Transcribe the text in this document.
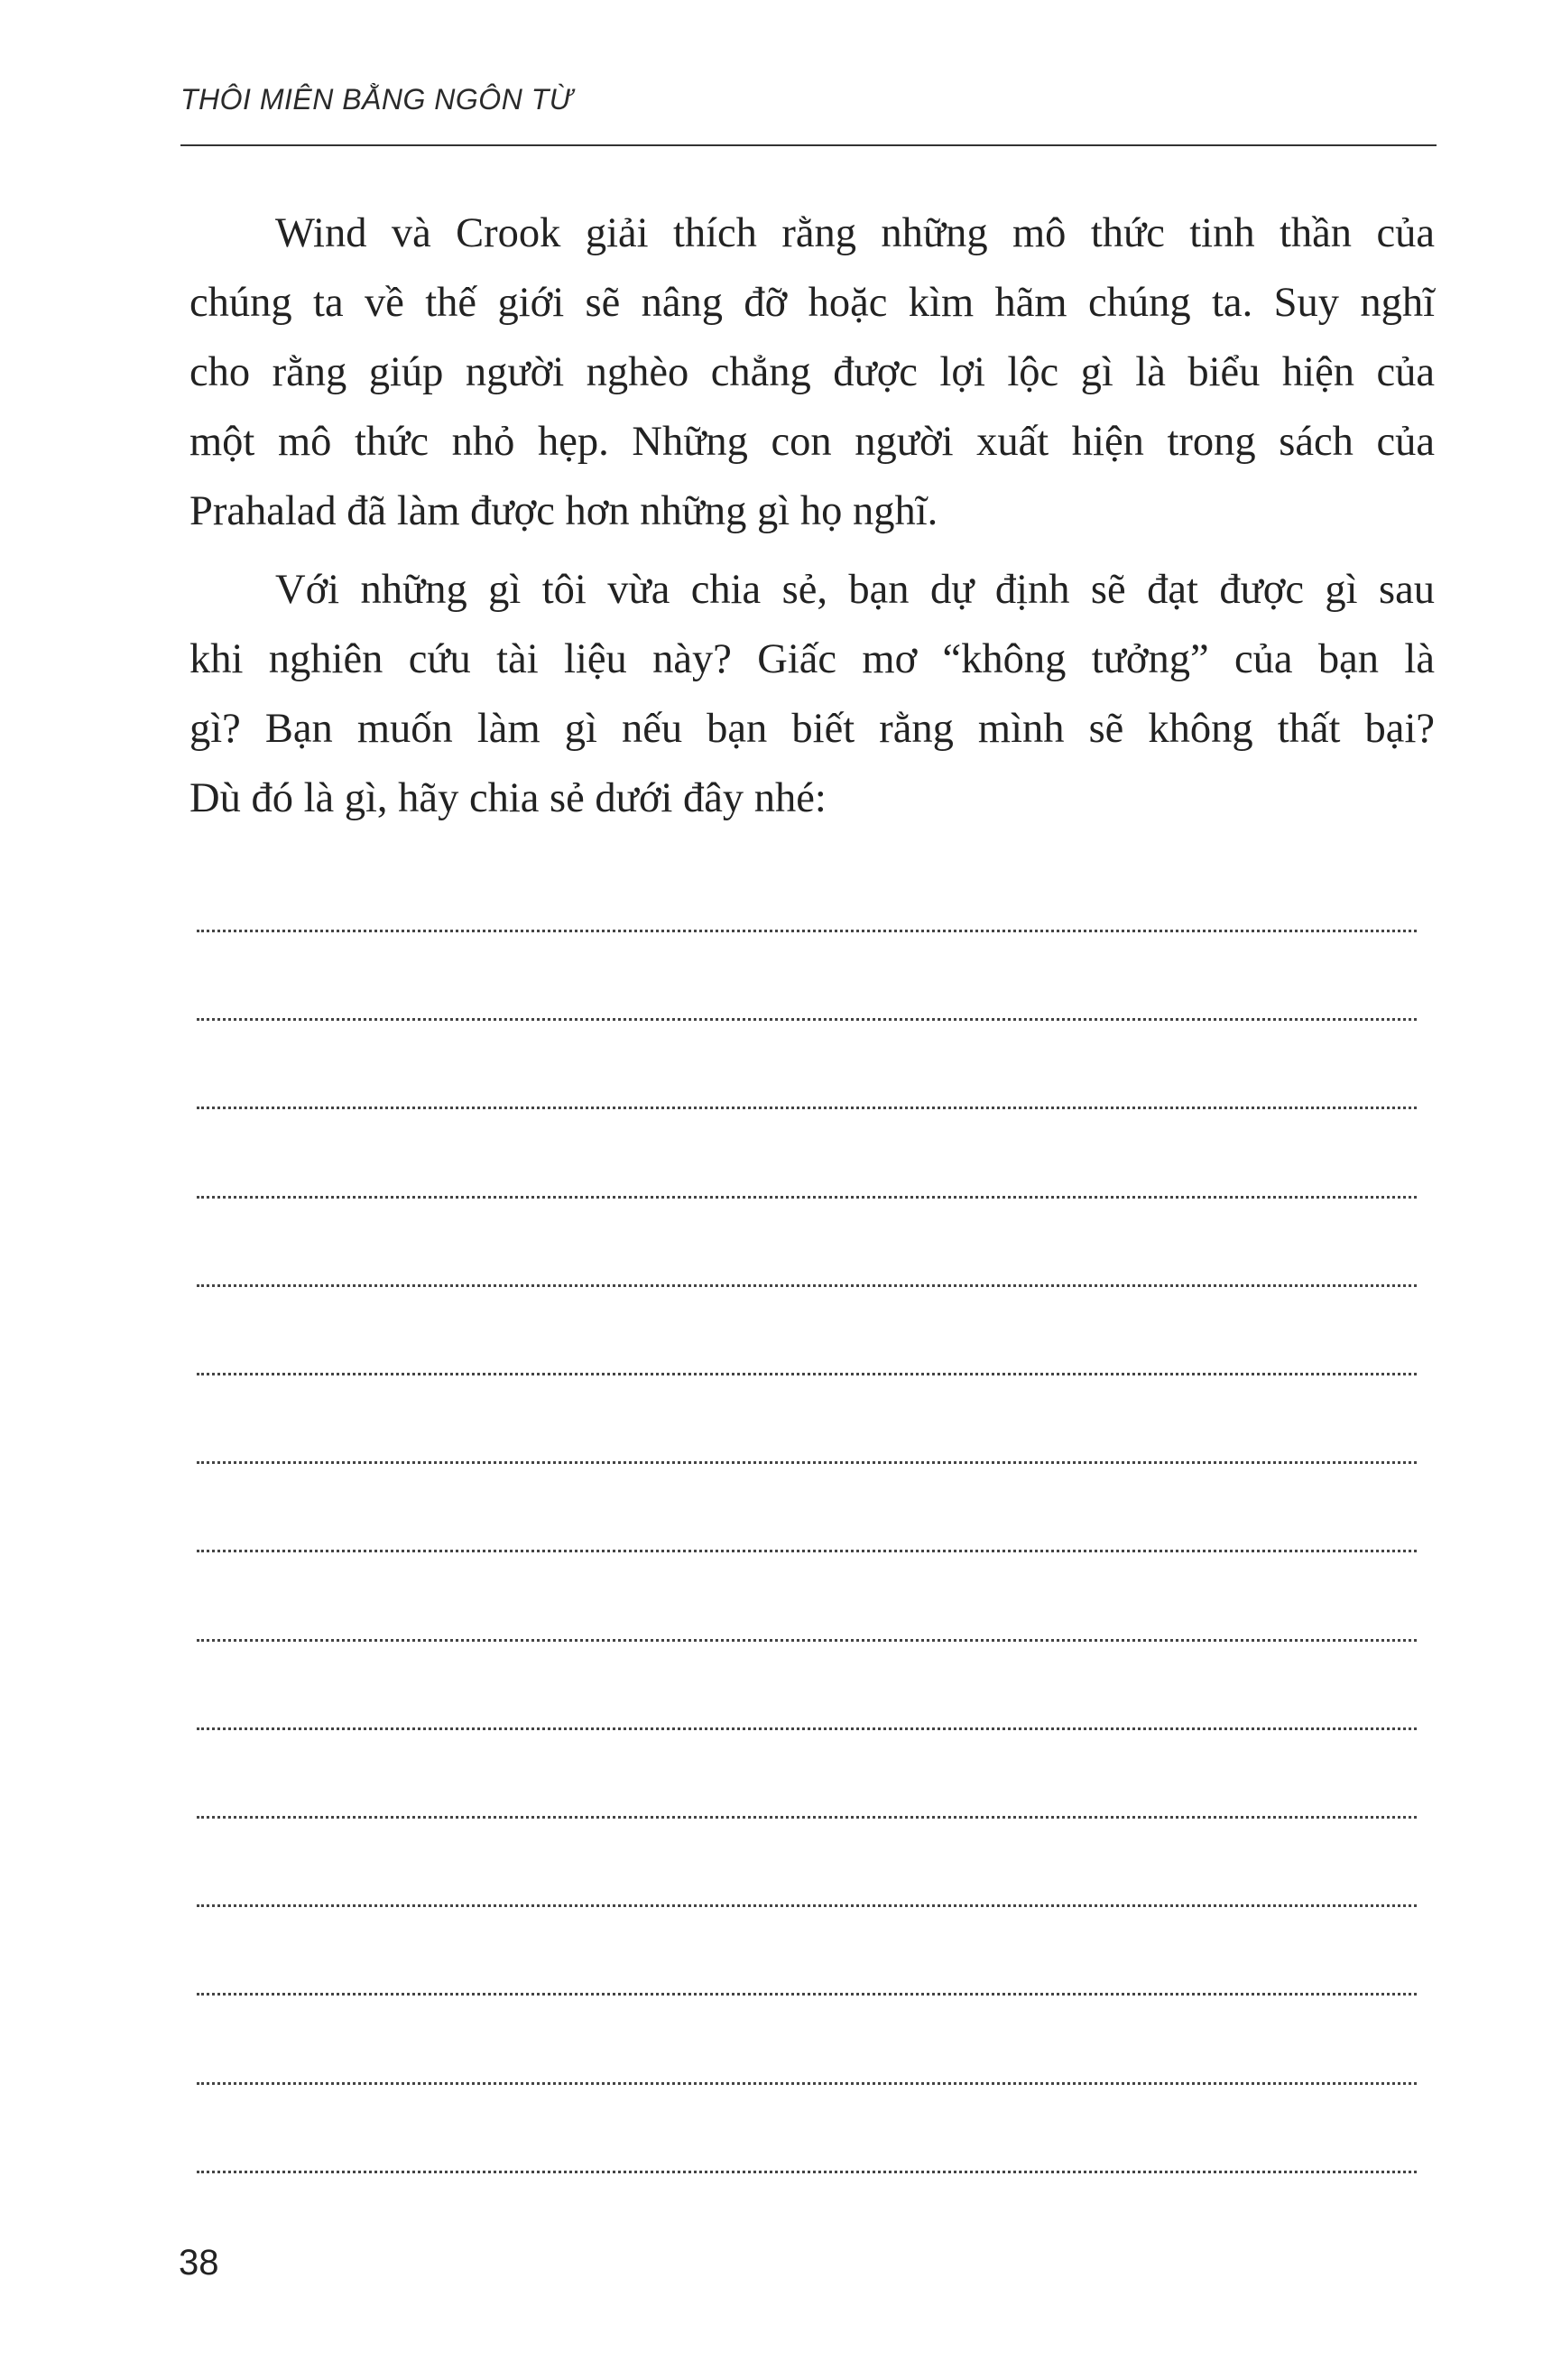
THÔI MIÊN BẰNG NGÔN TỪ
Wind và Crook giải thích rằng những mô thức tinh thần của
chúng ta về thế giới sẽ nâng đỡ hoặc kìm hãm chúng ta. Suy nghĩ
cho rằng giúp người nghèo chẳng được lợi lộc gì là biểu hiện của
một mô thức nhỏ hẹp. Những con người xuất hiện trong sách của
Prahalad đã làm được hơn những gì họ nghĩ.
Với những gì tôi vừa chia sẻ, bạn dự định sẽ đạt được gì sau
khi nghiên cứu tài liệu này? Giấc mơ “không tưởng” của bạn là
gì? Bạn muốn làm gì nếu bạn biết rằng mình sẽ không thất bại?
Dù đó là gì, hãy chia sẻ dưới đây nhé:

38
